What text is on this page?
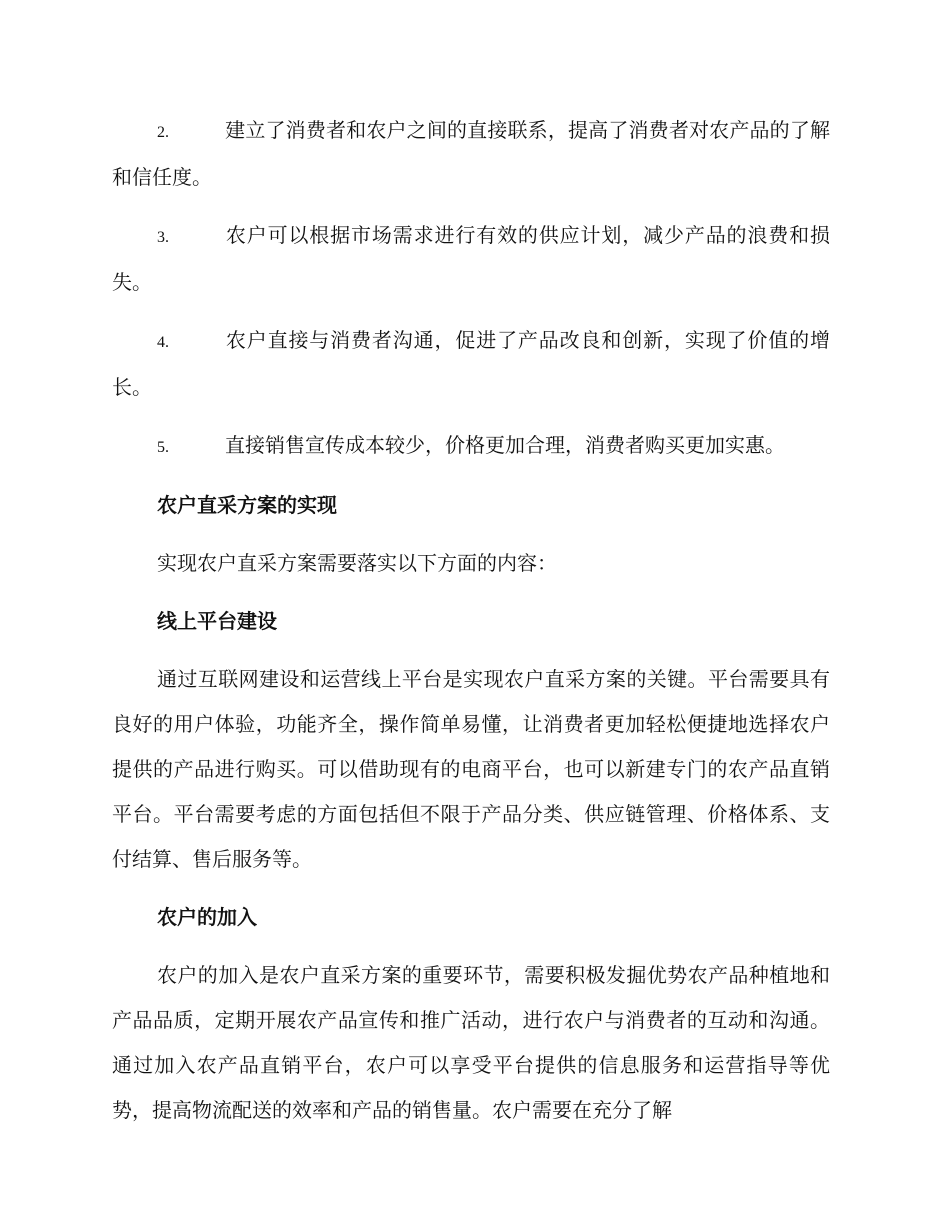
2.	建立了消费者和农户之间的直接联系，提高了消费者对农产品的了解和信任度。
3.	农户可以根据市场需求进行有效的供应计划，减少产品的浪费和损失。
4.	农户直接与消费者沟通，促进了产品改良和创新，实现了价值的增长。
5.	直接销售宣传成本较少，价格更加合理，消费者购买更加实惠。
农户直采方案的实现
实现农户直采方案需要落实以下方面的内容：
线上平台建设

通过互联网建设和运营线上平台是实现农户直采方案的关键。平台需要具有良好的用户体验，功能齐全，操作简单易懂，让消费者更加轻松便捷地选择农户提供的产品进行购买。可以借助现有的电商平台，也可以新建专门的农产品直销平台。平台需要考虑的方面包括但不限于产品分类、供应链管理、价格体系、支付结算、售后服务等。

农户的加入

农户的加入是农户直采方案的重要环节，需要积极发掘优势农产品种植地和产品品质，定期开展农产品宣传和推广活动，进行农户与消费者的互动和沟通。通过加入农产品直销平台，农户可以享受平台提供的信息服务和运营指导等优势，提高物流配送的效率和产品的销售量。农户需要在充分了解
